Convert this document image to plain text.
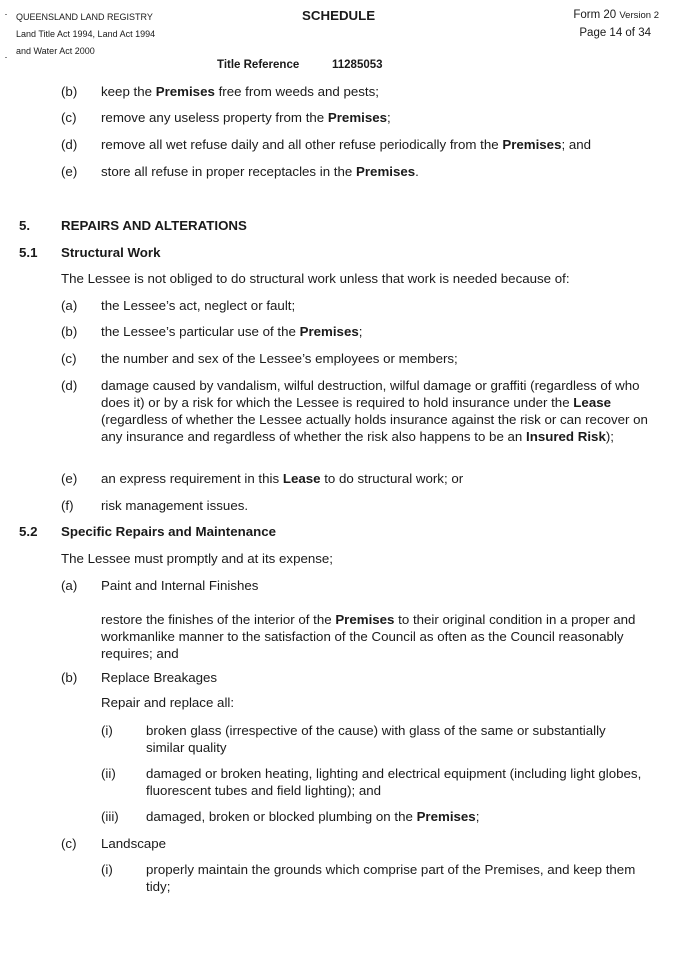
QUEENSLAND LAND REGISTRY
Land Title Act 1994, Land Act 1994
and Water Act 2000
SCHEDULE	Form 20 Version 2
Page 14 of 34
Title Reference	11285053
(b) keep the Premises free from weeds and pests;
(c) remove any useless property from the Premises;
(d) remove all wet refuse daily and all other refuse periodically from the Premises; and
(e) store all refuse in proper receptacles in the Premises.
5. REPAIRS AND ALTERATIONS
5.1 Structural Work
The Lessee is not obliged to do structural work unless that work is needed because of:
(a) the Lessee’s act, neglect or fault;
(b) the Lessee’s particular use of the Premises;
(c) the number and sex of the Lessee’s employees or members;
(d) damage caused by vandalism, wilful destruction, wilful damage or graffiti (regardless of who does it) or by a risk for which the Lessee is required to hold insurance under the Lease (regardless of whether the Lessee actually holds insurance against the risk or can recover on any insurance and regardless of whether the risk also happens to be an Insured Risk);
(e) an express requirement in this Lease to do structural work; or
(f) risk management issues.
5.2 Specific Repairs and Maintenance
The Lessee must promptly and at its expense;
(a) Paint and Internal Finishes
restore the finishes of the interior of the Premises to their original condition in a proper and workmanlike manner to the satisfaction of the Council as often as the Council reasonably requires; and
(b) Replace Breakages
Repair and replace all:
(i) broken glass (irrespective of the cause) with glass of the same or substantially similar quality
(ii) damaged or broken heating, lighting and electrical equipment (including light globes, fluorescent tubes and field lighting); and
(iii) damaged, broken or blocked plumbing on the Premises;
(c) Landscape
(i) properly maintain the grounds which comprise part of the Premises, and keep them tidy;
